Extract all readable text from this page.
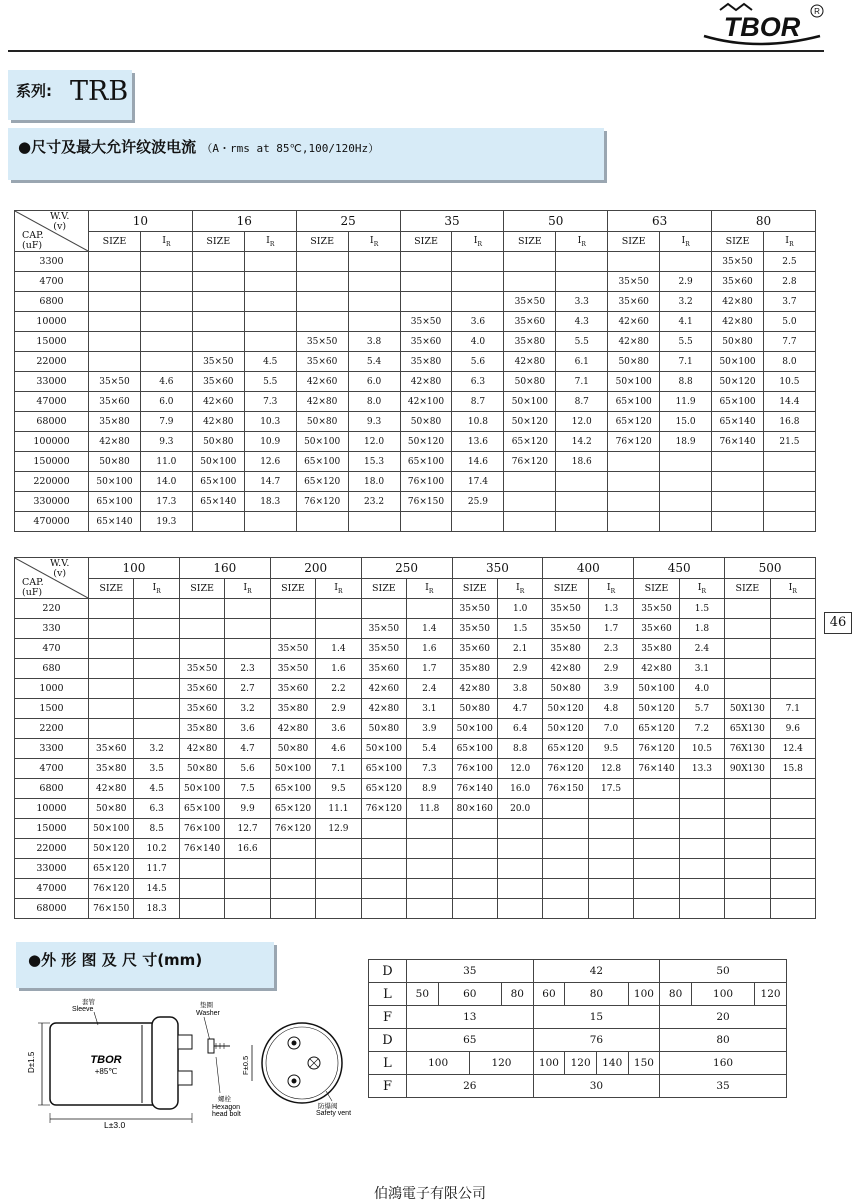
TBOR
R
系列: TRB
●尺寸及最大允许纹波电流 （A・rms at 85℃,100/120Hz）
W.V.
(v)
CAP.
(uF)	10		16		25		35		50		63		80	
	SIZE	$I_R$	SIZE	$I_R$	SIZE	$I_R$	SIZE	$I_R$	SIZE	$I_R$	SIZE	$I_R$	SIZE	$I_R$
3300													35×50	2.5
4700											35×50	2.9	35×60	2.8
6800									35×50	3.3	35×60	3.2	42×80	3.7
10000							35×50	3.6	35×60	4.3	42×60	4.1	42×80	5.0
15000					35×50	3.8	35×60	4.0	35×80	5.5	42×80	5.5	50×80	7.7
22000			35×50	4.5	35×60	5.4	35×80	5.6	42×80	6.1	50×80	7.1	50×100	8.0
33000	35×50	4.6	35×60	5.5	42×60	6.0	42×80	6.3	50×80	7.1	50×100	8.8	50×120	10.5
47000	35×60	6.0	42×60	7.3	42×80	8.0	42×100	8.7	50×100	8.7	65×100	11.9	65×100	14.4
68000	35×80	7.9	42×80	10.3	50×80	9.3	50×80	10.8	50×120	12.0	65×120	15.0	65×140	16.8
100000	42×80	9.3	50×80	10.9	50×100	12.0	50×120	13.6	65×120	14.2	76×120	18.9	76×140	21.5
150000	50×80	11.0	50×100	12.6	65×100	15.3	65×100	14.6	76×120	18.6				
220000	50×100	14.0	65×100	14.7	65×120	18.0	76×100	17.4						
330000	65×100	17.3	65×140	18.3	76×120	23.2	76×150	25.9						
470000	65×140	19.3												
W.V.
(v)
CAP.
(uF)	100		160		200		250		350		400		450		500	
	SIZE	$I_R$	SIZE	$I_R$	SIZE	$I_R$	SIZE	$I_R$	SIZE	$I_R$	SIZE	$I_R$	SIZE	$I_R$	SIZE	$I_R$
220									35×50	1.0	35×50	1.3	35×50	1.5		
330							35×50	1.4	35×50	1.5	35×50	1.7	35×60	1.8		
470					35×50	1.4	35×50	1.6	35×60	2.1	35×80	2.3	35×80	2.4		
680			35×50	2.3	35×50	1.6	35×60	1.7	35×80	2.9	42×80	2.9	42×80	3.1		
1000			35×60	2.7	35×60	2.2	42×60	2.4	42×80	3.8	50×80	3.9	50×100	4.0		
1500			35×60	3.2	35×80	2.9	42×80	3.1	50×80	4.7	50×120	4.8	50×120	5.7	50X130	7.1
2200			35×80	3.6	42×80	3.6	50×80	3.9	50×100	6.4	50×120	7.0	65×120	7.2	65X130	9.6
3300	35×60	3.2	42×80	4.7	50×80	4.6	50×100	5.4	65×100	8.8	65×120	9.5	76×120	10.5	76X130	12.4
4700	35×80	3.5	50×80	5.6	50×100	7.1	65×100	7.3	76×100	12.0	76×120	12.8	76×140	13.3	90X130	15.8
6800	42×80	4.5	50×100	7.5	65×100	9.5	65×120	8.9	76×140	16.0	76×150	17.5				
10000	50×80	6.3	65×100	9.9	65×120	11.1	76×120	11.8	80×160	20.0						
15000	50×100	8.5	76×100	12.7	76×120	12.9										
22000	50×120	10.2	76×140	16.6												
33000	65×120	11.7														
47000	76×120	14.5														
68000	76×150	18.3														
46
●外 形 图 及 尺 寸(mm)
D±1.5
L±3.0
TBOR
+85℃
套管
Sleeve
垫圈
Washer
螺栓
Hexagon
head bolt
F±0.5
防爆阀
Safety vent
D	35				42				50		
L	50	60		80	60	80		100	80	100	120
F	13				15				20		
D	65				76				80		
L	100		120		100	120	140	150	160		
F	26				30				35		
伯鴻電子有限公司
